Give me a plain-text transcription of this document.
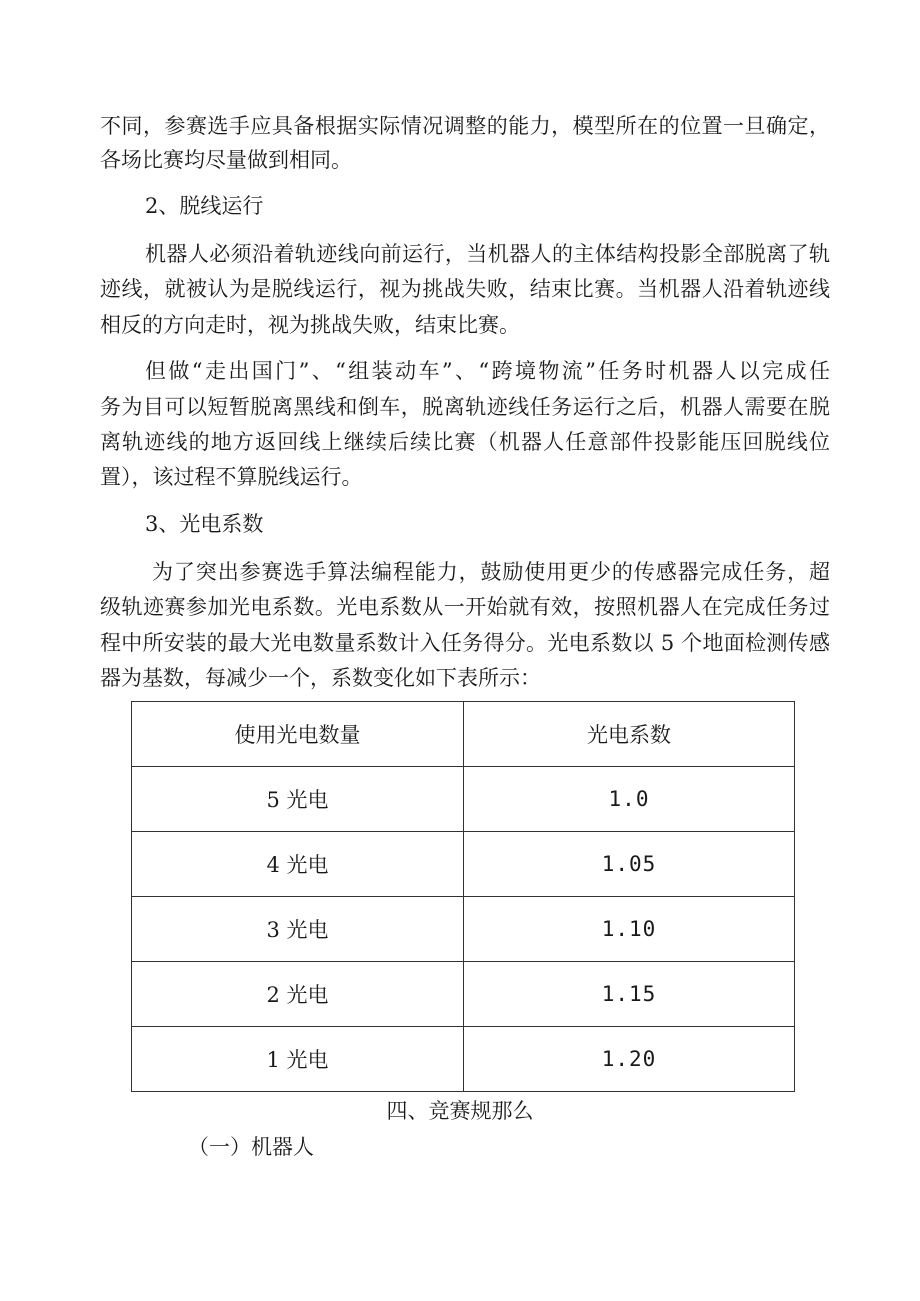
不同，参赛选手应具备根据实际情况调整的能力，模型所在的位置一旦确定，
各场比赛均尽量做到相同。
2、脱线运行
机器人必须沿着轨迹线向前运行，当机器人的主体结构投影全部脱离了轨
迹线，就被认为是脱线运行，视为挑战失败，结束比赛。当机器人沿着轨迹线
相反的方向走时，视为挑战失败，结束比赛。
但做“走出国门”、“组装动车”、“跨境物流”任务时机器人以完成任
务为目可以短暂脱离黑线和倒车，脱离轨迹线任务运行之后，机器人需要在脱
离轨迹线的地方返回线上继续后续比赛（机器人任意部件投影能压回脱线位
置），该过程不算脱线运行。
3、光电系数
为了突出参赛选手算法编程能力，鼓励使用更少的传感器完成任务，超
级轨迹赛参加光电系数。光电系数从一开始就有效，按照机器人在完成任务过
程中所安装的最大光电数量系数计入任务得分。光电系数以 5 个地面检测传感
器为基数，每减少一个，系数变化如下表所示：
使用光电数量	光电系数
5 光电	1.0
4 光电	1.05
3 光电	1.10
2 光电	1.15
1 光电	1.20
四、竞赛规那么
（一）机器人
